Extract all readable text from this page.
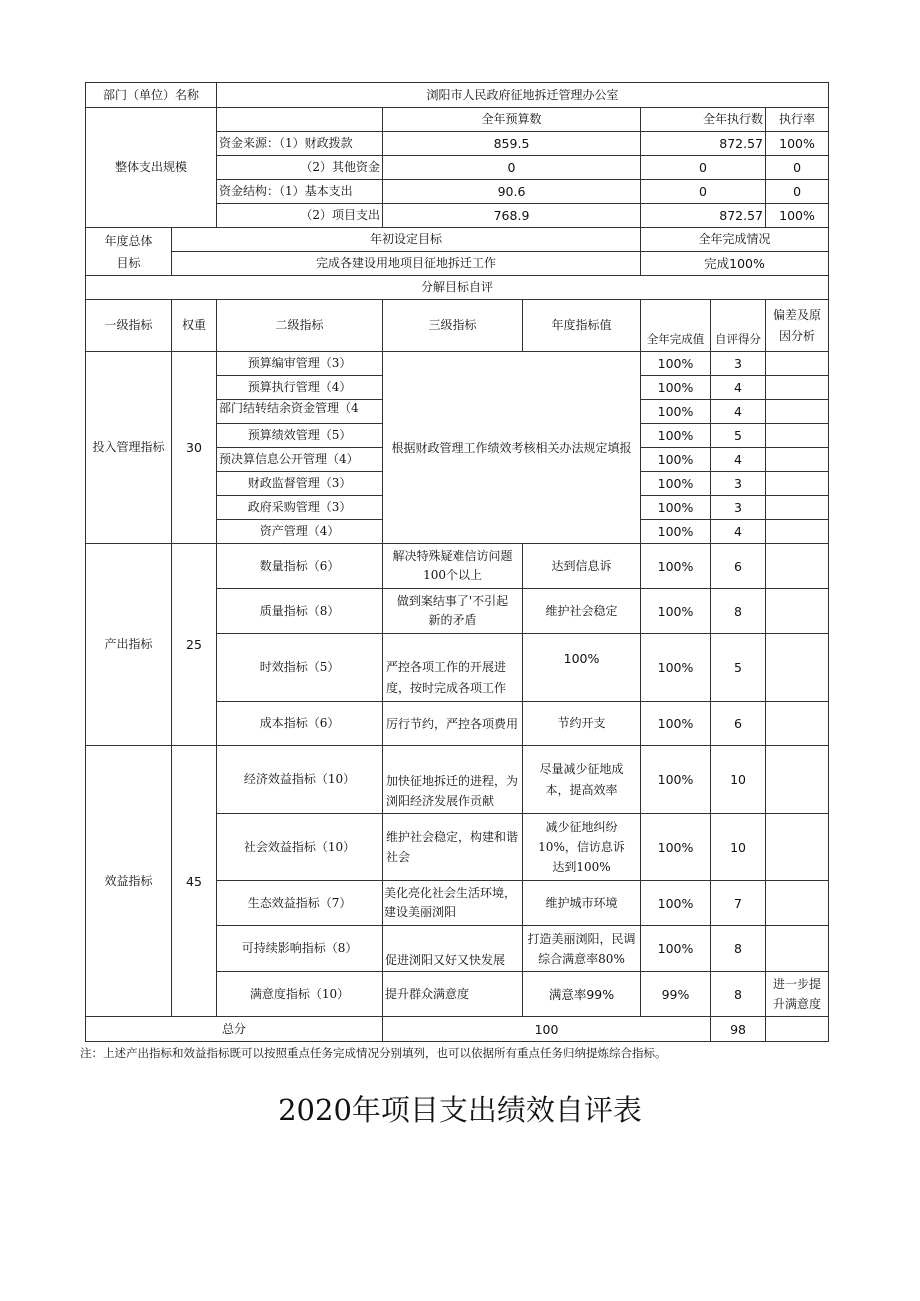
部门（单位）名称		浏阳市人民政府征地拆迁管理办公室					
整体支出规模			全年预算数		全年执行数		执行率
		资金来源：（1）财政拨款	859.5		872.57		100%
		（2）其他资金	0		0		0
		资金结构：（1）基本支出	90.6		0		0
		（2）项目支出	768.9		872.57		100%
年度总体
目标	年初设定目标				全年完成情况		
	完成各建设用地项目征地拆迁工作				完成100%		
分解目标自评							
一级指标	权重	二级指标	三级指标	年度指标值	全年完成值	自评得分	偏差及原因分析
投入管理指标	30	预算编审管理（3）	根据财政管理工作绩效考核相关办法规定填报		100%	3	
		预算执行管理（4）			100%	4	
		部门结转结余资金管理（4			100%	4	
		预算绩效管理（5）			100%	5	
		预决算信息公开管理（4）			100%	4	
		财政监督管理（3）			100%	3	
		政府采购管理（3）			100%	3	
		资产管理（4）			100%	4	
产出指标	25	数量指标（6）	解决特殊疑难信访问题100个以上	达到信息诉	100%	6	
		质量指标（8）	做到案结事了'不引起新的矛盾	维护社会稳定	100%	8	
		时效指标（5）	严控各项工作的开展进度，按时完成各项工作	100%	100%	5	
		成本指标（6）	厉行节约，严控各项费用	节约开支	100%	6	
效益指标	45	经济效益指标（10）	加快征地拆迁的进程，为浏阳经济发展作贡献	尽量减少征地成本，提高效率	100%	10	
		社会效益指标（10）	维护社会稳定，构建和谐社会	减少征地纠纷10%，信访息诉达到100%	100%	10	
		生态效益指标（7）	美化亮化社会生活环境，建设美丽浏阳	维护城市环境	100%	7	
		可持续影响指标（8）	促进浏阳又好又快发展	打造美丽浏阳，民调综合满意率80%	100%	8	
		满意度指标（10）	提升群众满意度	满意率99%	99%	8	进一步提升满意度
总分			100			98	
注：上述产出指标和效益指标既可以按照重点任务完成情况分别填列，也可以依据所有重点任务归纳提炼综合指标。
2020年项目支出绩效自评表
